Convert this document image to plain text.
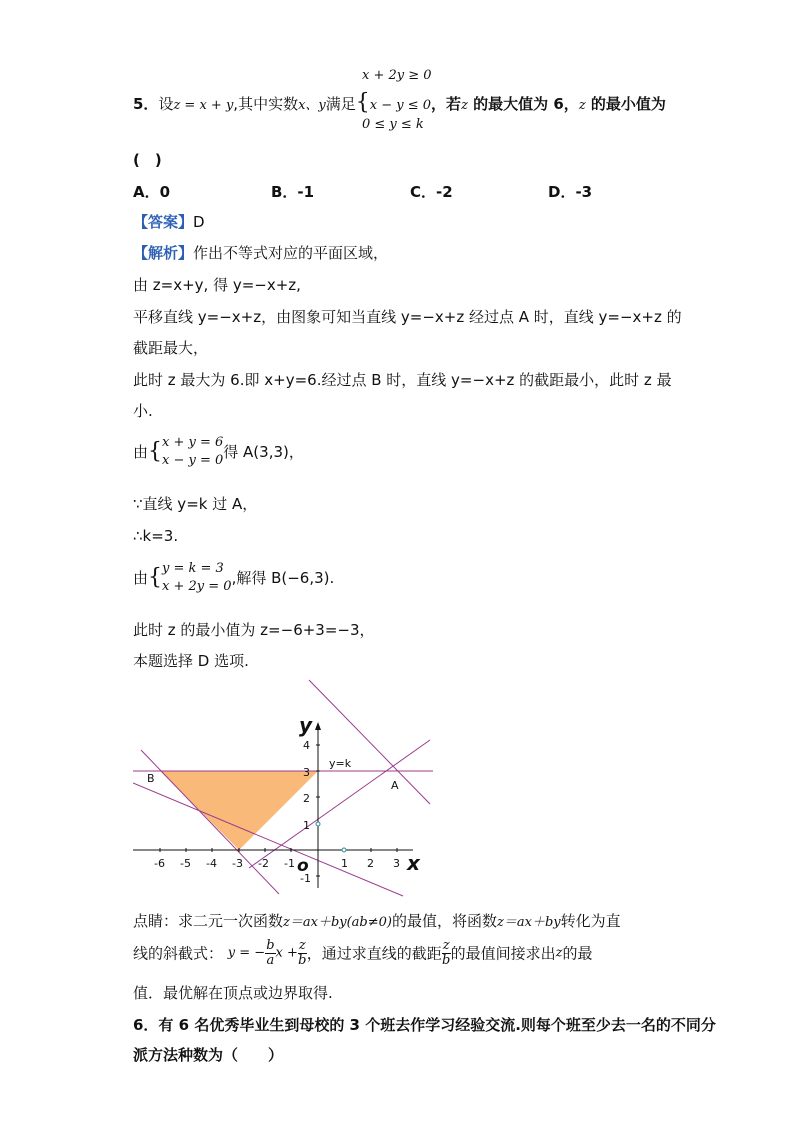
x + 2y ≥ 0
5．设z = x + y,其中实数x、y满足{x − y ≤ 0，若z 的最大值为 6，z 的最小值为
0 ≤ y ≤ k
(　)
A．0	B．-1	C．-2	D．-3
【答案】D
【解析】作出不等式对应的平面区域，
由 z=x+y, 得 y=−x+z,
平移直线 y=−x+z，由图象可知当直线 y=−x+z 经过点 A 时，直线 y=−x+z 的
截距最大，
此时 z 最大为 6.即 x+y=6.经过点 B 时，直线 y=−x+z 的截距最小，此时 z 最
小.
由{ x + y = 6
x − y = 0 得 A(3,3)，
∵直线 y=k 过 A，
∴k=3.
由{ y = k = 3
x + 2y = 0 ,解得 B(−6,3).
此时 z 的最小值为 z=−6+3=−3，
本题选择 D 选项.
-6 -5 -4 -3 -2 -1	1 2 3
4
3
2
1
-1
y
x
o
y=k
A
B
点睛：求二元一次函数z＝ax＋by(ab≠0)的最值，将函数z＝ax＋by转化为直
线的斜截式： y = − $\frac{b}{a}$ $x + \frac{z}{b}$ ，通过求直线的截距 $\frac{z}{b}$ 的最值间接求出z的最
值．最优解在顶点或边界取得.
6．有 6 名优秀毕业生到母校的 3 个班去作学习经验交流.则每个班至少去一名的不同分
派方法种数为（　　）
